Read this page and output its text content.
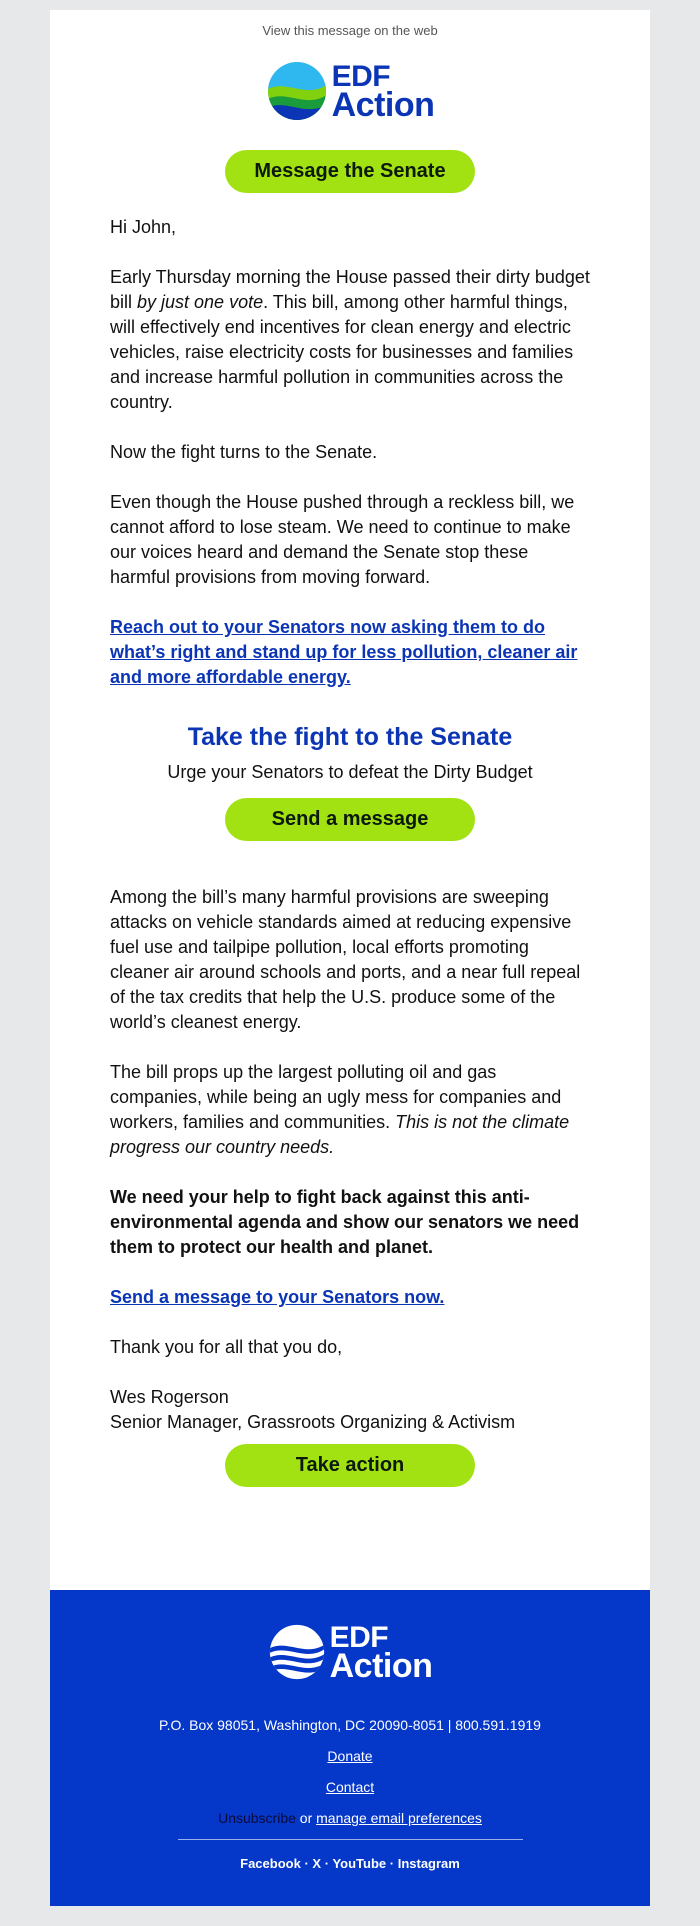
View this message on the web
EDF
Action
Message the Senate

Hi John,

Early Thursday morning the House passed their dirty budget bill by just one vote. This bill, among other harmful things, will effectively end incentives for clean energy and electric vehicles, raise electricity costs for businesses and families and increase harmful pollution in communities across the country.

Now the fight turns to the Senate.

Even though the House pushed through a reckless bill, we cannot afford to lose steam. We need to continue to make our voices heard and demand the Senate stop these harmful provisions from moving forward.

Reach out to your Senators now asking them to do what’s right and stand up for less pollution, cleaner air and more affordable energy.

Take the fight to the Senate
Urge your Senators to defeat the Dirty Budget
Send a message

Among the bill’s many harmful provisions are sweeping attacks on vehicle standards aimed at reducing expensive fuel use and tailpipe pollution, local efforts promoting cleaner air around schools and ports, and a near full repeal of the tax credits that help the U.S. produce some of the world’s cleanest energy.

The bill props up the largest polluting oil and gas companies, while being an ugly mess for companies and workers, families and communities. This is not the climate progress our country needs.

We need your help to fight back against this anti-environmental agenda and show our senators we need them to protect our health and planet.

Send a message to your Senators now.

Thank you for all that you do,

Wes Rogerson

Senior Manager, Grassroots Organizing & Activism

Take action
EDF
Action
P.O. Box 98051, Washington, DC 20090-8051 | 800.591.1919
Donate
Contact
Unsubscribe or manage email preferences
Facebook · X · YouTube · Instagram
